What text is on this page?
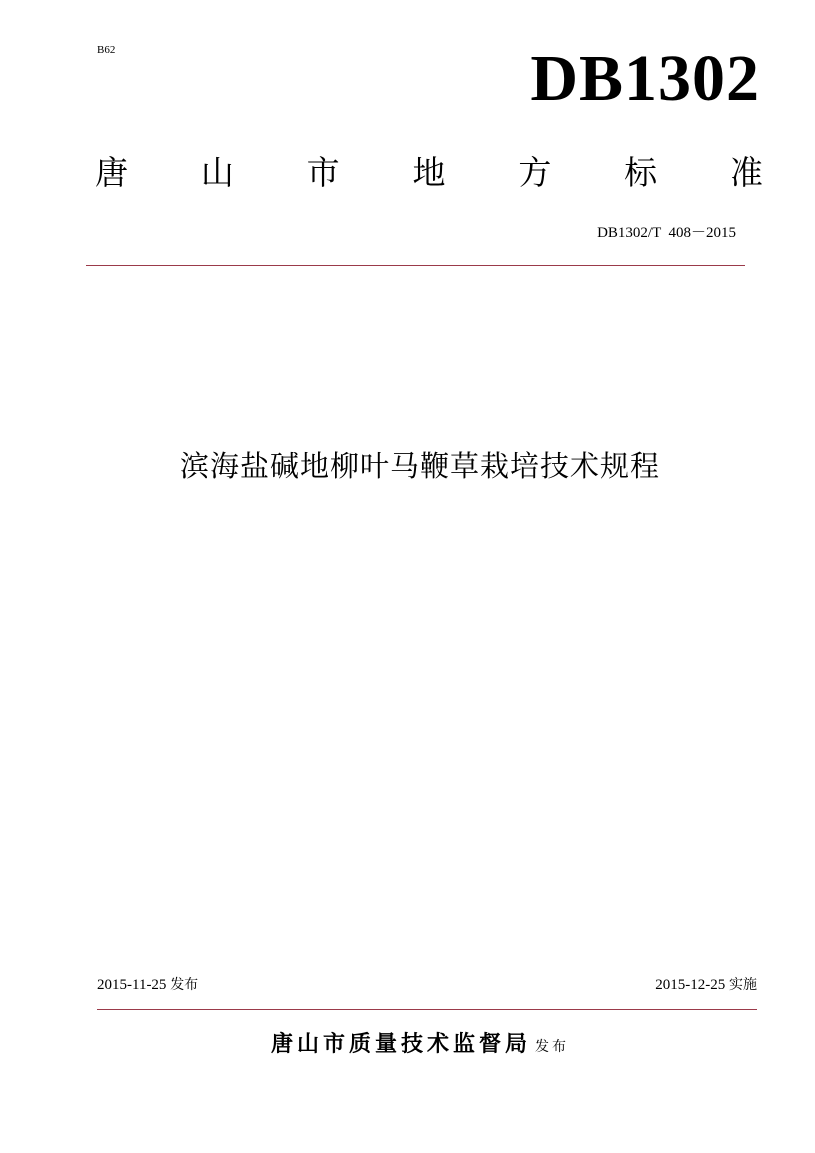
B62	DB1302
唐 山 市 地 方 标 准
DB1302/T  408－2015
滨海盐碱地柳叶马鞭草栽培技术规程
2015-11-25 发布	2015-12-25 实施
唐山市质量技术监督局 发布
